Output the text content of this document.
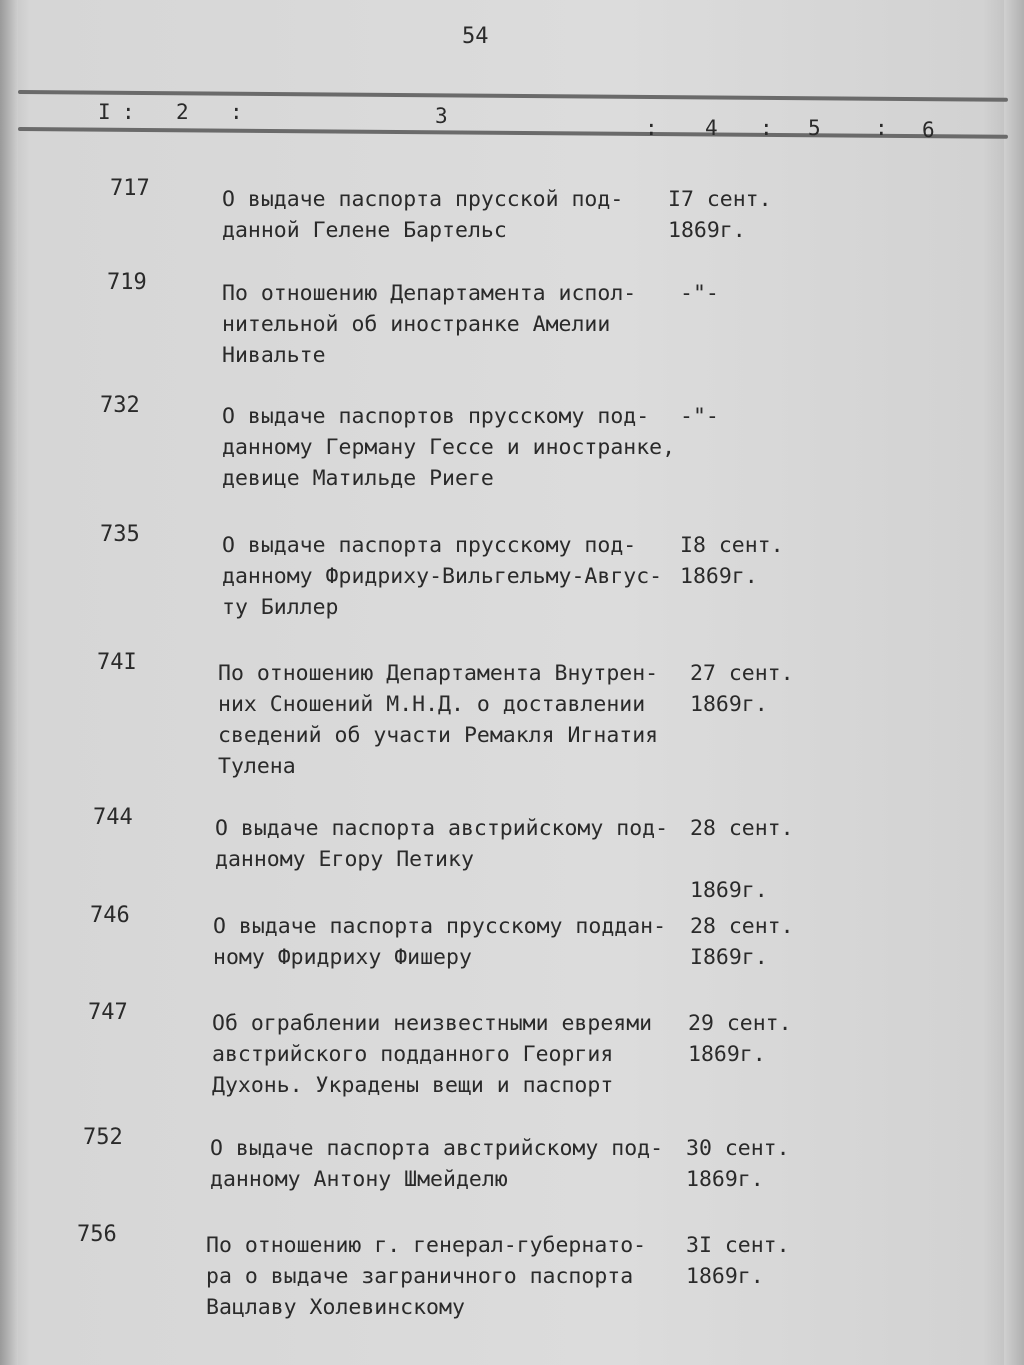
54
I : 2 :	3	: 4 : 5	: 6
717	О выдаче паспорта прусской под-
данной Гелене Бартельс
I7 сент.
1869г.
719	По отношению Департамента испол-
нительной об иностранке Амелии
Нивальте
-"-
732	О выдаче паспортов прусскому под-
данному Герману Гессе и иностранке,
девице Матильде Риеге
-"-
735	О выдаче паспорта прусскому под-
данному Фридриху-Вильгельму-Авгус-
ту Биллер
I8 сент.
1869г.
74I	По отношению Департамента Внутрен-
них Сношений М.Н.Д. о доставлении
сведений об участи Ремакля Игнатия
Тулена
27 сент.
1869г.
744	О выдаче паспорта австрийскому под-
данному Егору Петику
28 сент.

1869г.
746	О выдаче паспорта прусскому поддан-
ному Фридриху Фишеру
28 сент.
I869г.
747	Об ограблении неизвестными евреями
австрийского подданного Георгия
Духонь. Украдены вещи и паспорт
29 сент.
1869г.
752	О выдаче паспорта австрийскому под-
данному Антону Шмейделю
30 сент.
1869г.
756	По отношению г. генерал-губернато-
ра о выдаче заграничного паспорта
Вацлаву Холевинскому
3I сент.
1869г.
